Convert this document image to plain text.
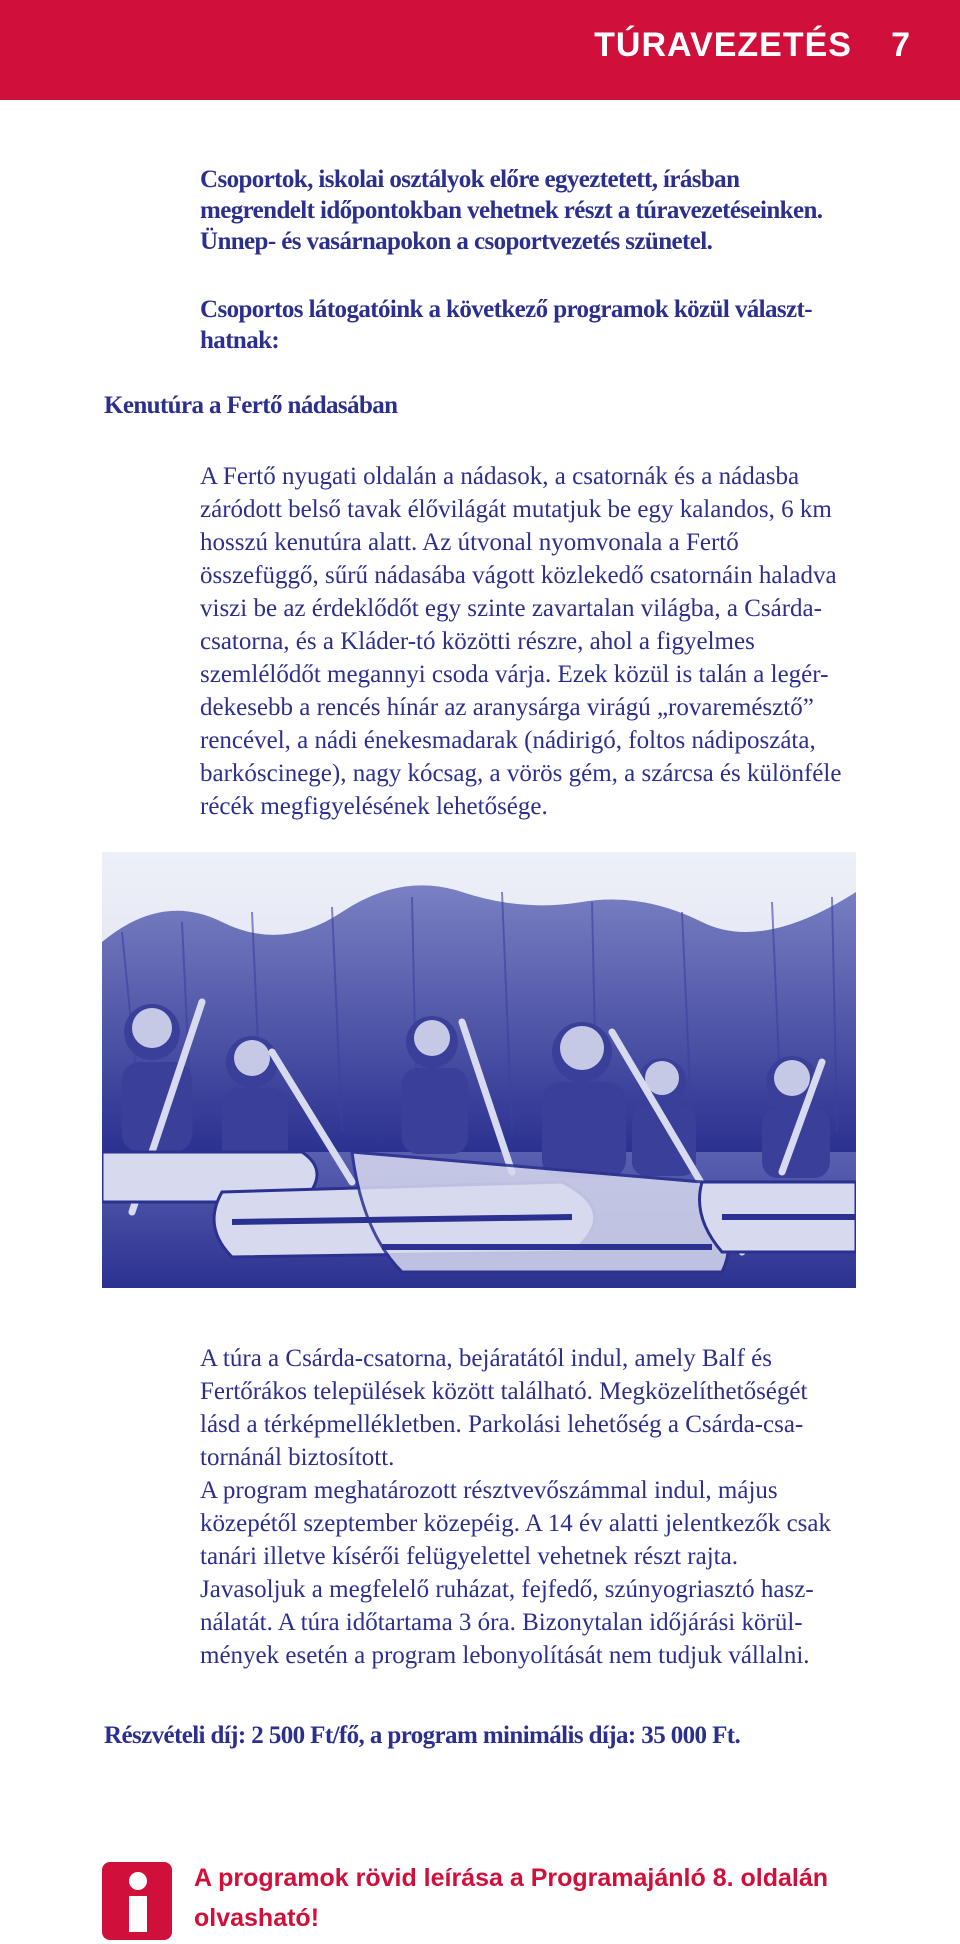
TÚRAVEZETÉS 7

Csoportok, iskolai osztályok előre egyeztetett, írásban
megrendelt időpontokban vehetnek részt a túravezetéseinken.
Ünnep- és vasárnapokon a csoportvezetés szünetel.

Csoportos látogatóink a következő programok közül választ-
hatnak:

Kenutúra a Fertő nádasában

A Fertő nyugati oldalán a nádasok, a csatornák és a nádasba
záródott belső tavak élővilágát mutatjuk be egy kalandos, 6 km
hosszú kenutúra alatt. Az útvonal nyomvonala a Fertő
összefüggő, sűrű nádasába vágott közlekedő csatornáin haladva
viszi be az érdeklődőt egy szinte zavartalan világba, a Csárda-
csatorna, és a Kláder-tó közötti részre, ahol a figyelmes
szemlélődőt megannyi csoda várja. Ezek közül is talán a legér-
dekesebb a rencés hínár az aranysárga virágú „rovaremésztő”
rencével, a nádi énekesmadarak (nádirigó, foltos nádiposzáta,
barkóscinege), nagy kócsag, a vörös gém, a szárcsa és különféle
récék megfigyelésének lehetősége.

A túra a Csárda-csatorna, bejáratától indul, amely Balf és
Fertőrákos települések között található. Megközelíthetőségét
lásd a térképmellékletben. Parkolási lehetőség a Csárda-csa-
tornánál biztosított.
A program meghatározott résztvevőszámmal indul, május
közepétől szeptember közepéig. A 14 év alatti jelentkezők csak
tanári illetve kísérői felügyelettel vehetnek részt rajta.
Javasoljuk a megfelelő ruházat, fejfedő, szúnyogriasztó hasz-
nálatát. A túra időtartama 3 óra. Bizonytalan időjárási körül-
mények esetén a program lebonyolítását nem tudjuk vállalni.

Részvételi díj: 2 500 Ft/fő, a program minimális díja: 35 000 Ft.

A programok rövid leírása a Programajánló 8. oldalán
olvasható!
